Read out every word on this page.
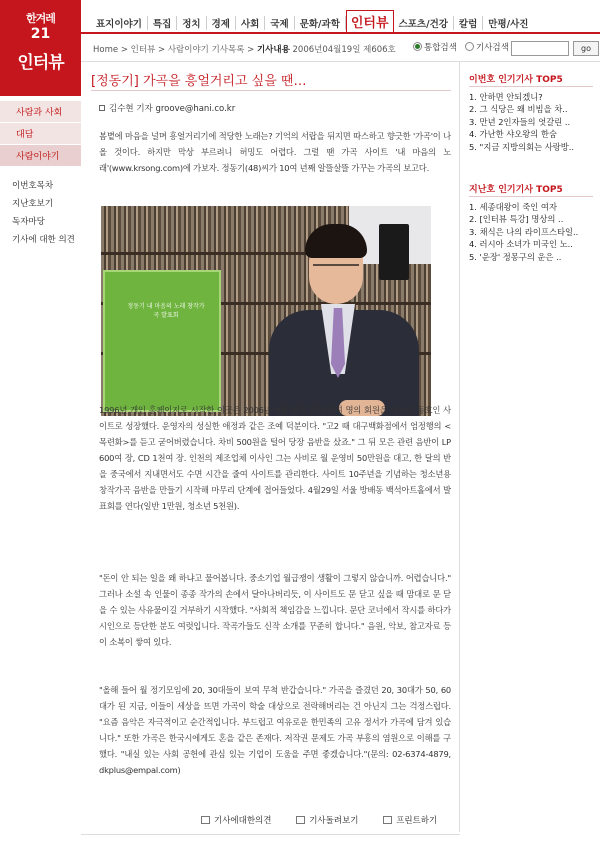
한겨레
21
인터뷰
사람과 사회
대담
사람이야기
이번호목차
지난호보기
독자마당
기사에 대한 의견
표지이야기 특집 정치 경제 사회 국제 문화/과학 인터뷰 스포츠/건강 칼럼 만평/사진
Home > 인터뷰 > 사람이야기 기사목록 > 기사내용 2006년04월19일 제606호	통합검색 기사검색	go
[정동기] 가곡을 흥얼거리고 싶을 땐…
김수현 기자 groove@hani.co.kr
봄볕에 마음을 널며 흥얼거리기에 적당한 노래는? 기억의 서랍을 뒤지면 따스하고 향긋한 '가곡'이 나올 것이다. 하지만 막상 부르려니 허밍도 어렵다. 그럴 땐 가곡 사이트 '내 마음의 노래'(www.krsong.com)에 가보자. 정동기(48)씨가 10여 년째 알뜰살뜰 가꾸는 가곡의 보고다.
정동기 내 마음의 노래 창작가곡 발표회
1996년 개인 홈페이지로 시작한 이곳은 2006년 4월 현재 3만5천여 명의 회원을 거느린 동호인 사이트로 성장했다. 운영자의 성실한 애정과 같은 조예 덕분이다. "고2 때 대구백화점에서 엄정행의 <목련화>를 듣고 굳어버렸습니다. 차비 500원을 털어 당장 음반을 샀죠." 그 뒤 모은 관련 음반이 LP 600여 장, CD 1천여 장. 인천의 제조업체 이사인 그는 사비로 월 운영비 50만원을 대고, 한 달의 반을 중국에서 지내면서도 수면 시간을 줄여 사이트를 관리한다. 사이트 10주년을 기념하는 청소년용 창작가곡 음반을 만들기 시작해 마무리 단계에 접어들었다. 4월29일 서울 방배동 백석아트홀에서 발표회를 연다(일반 1만원, 청소년 5천원).
"돈이 안 되는 일을 왜 하냐고 물어봅니다. 중소기업 월급쟁이 생활이 그렇지 않습니까. 어렵습니다." 그러나 소설 속 인물이 종종 작가의 손에서 달아나버리듯, 이 사이트도 문 닫고 싶을 때 맘대로 문 닫을 수 있는 사유물이길 거부하기 시작했다. "사회적 책임감을 느낍니다. 문단 코너에서 작시를 하다가 시인으로 등단한 분도 여럿입니다. 작곡가들도 신작 소개를 꾸준히 합니다." 음원, 악보, 참고자료 등이 소복이 쌓여 있다.
"올해 들어 월 정기모임에 20, 30대들이 보여 무척 반갑습니다." 가곡을 즐겼던 20, 30대가 50, 60대가 된 지금, 이들이 세상을 뜨면 가곡이 학술 대상으로 전락해버리는 건 아닌지 그는 걱정스럽다. "요즘 음악은 자극적이고 순간적입니다. 부드럽고 여유로운 한민족의 고유 정서가 가곡에 담겨 있습니다." 또한 가곡은 한국시에게도 혼을 같은 존재다. 저작권 문제도 가곡 부흥의 염원으로 이해를 구했다. "내실 있는 사회 공헌에 관심 있는 기업이 도움을 주면 좋겠습니다."(문의: 02-6374-4879, dkplus@empal.com)
기사에대한의견	기사돌려보기	프린트하기
이번호 인기기사 TOP5
1. 안하면 안되겠니?
2. 그 식당은 왜 비빔을 차..
3. 만년 2인자들의 엇갈린 ..
4. 가난한 샤오왕의 한숨
5. "지금 지방의회는 사랑방..
지난호 인기기사 TOP5
1. 세종대왕이 죽인 여자
2. [인터뷰 특강] 명상의 ..
3. 채식은 나의 라이프스타일..
4. 러시아 소녀가 미국인 노..
5. '운장' 정몽구의 운은 ..
